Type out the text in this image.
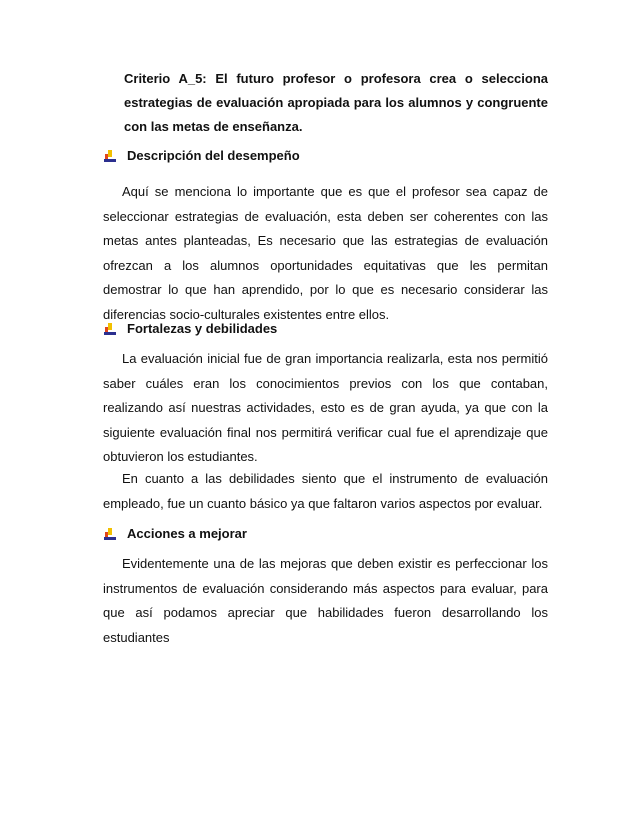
Criterio A_5: El futuro profesor o profesora crea o selecciona estrategias de evaluación apropiada para los alumnos y congruente con las metas de enseñanza.

Descripción del desempeño

Aquí se menciona lo importante que es que el profesor sea capaz de seleccionar estrategias de evaluación, esta deben ser coherentes con las metas antes planteadas, Es necesario que las estrategias de evaluación ofrezcan a los alumnos oportunidades equitativas que les permitan demostrar lo que han aprendido, por lo que es necesario considerar las diferencias socio-culturales existentes entre ellos.

Fortalezas y debilidades

La evaluación inicial fue de gran importancia realizarla, esta nos permitió saber cuáles eran los conocimientos previos con los que contaban, realizando así nuestras actividades, esto es de gran ayuda, ya que con la siguiente evaluación final nos permitirá verificar cual fue el aprendizaje que obtuvieron los estudiantes.

En cuanto a las debilidades siento que el instrumento de evaluación empleado, fue un cuanto básico ya que faltaron varios aspectos por evaluar.

Acciones a mejorar

Evidentemente una de las mejoras que deben existir es perfeccionar los instrumentos de evaluación considerando más aspectos para evaluar, para que así podamos apreciar que habilidades fueron desarrollando los estudiantes
